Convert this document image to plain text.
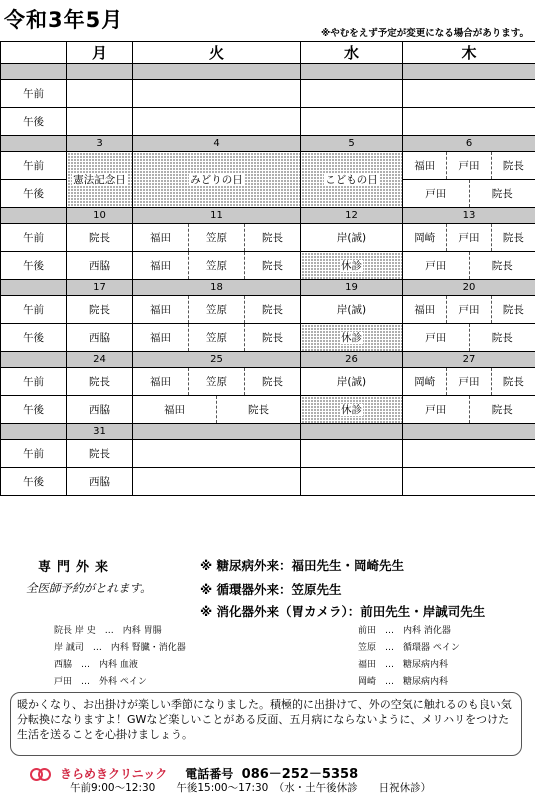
令和3年5月
※やむをえず予定が変更になる場合があります。
	月	火	水	木		

午前						
午後						
	3	4	5	6		
午前	憲法記念日	みどりの日	こどもの日	福田 戸田 院長

午後				戸田 院長

	10	11	12	13		
午前	院長	福田 笠原 院長	岸(誠)	岡崎 戸田 院長

午後	西脇	福田 笠原 院長	休診	戸田 院長

	17	18	19	20		
午前	院長	福田 笠原 院長	岸(誠)	福田 戸田 院長

午後	西脇	福田 笠原 院長	休診	戸田 院長

	24	25	26	27		
午前	院長	福田 笠原 院長	岸(誠)	岡崎 戸田 院長

午後	西脇	福田 院長	休診	戸田 院長

	31					
午前	院長					
午後	西脇					
専門外来
全医師予約がとれます。
※ 糖尿病外来：福田先生・岡崎先生
※ 循環器外来：笠原先生
※ 消化器外来（胃カメラ）：前田先生・岸誠司先生
院長 岸 史　…　内科 胃腸
岸 誠司　…　内科 腎臓・消化器
西脇　…　内科 血液
戸田　…　外科 ペイン
前田　…　内科 消化器
笠原　…　循環器 ペイン
福田　…　糖尿病内科
岡崎　…　糖尿病内科
暖かくなり、お出掛けが楽しい季節になりました。積極的に出掛けて、外の空気に触れるのも良い気分転換になりますよ！GWなど楽しいことがある反面、五月病にならないように、メリハリをつけた生活を送ることを心掛けましょう。
きらめきクリニック 電話番号 086－252－5358
午前9:00～12:30　　午後15:00～17:30　（水・土午後休診　　日祝休診）
